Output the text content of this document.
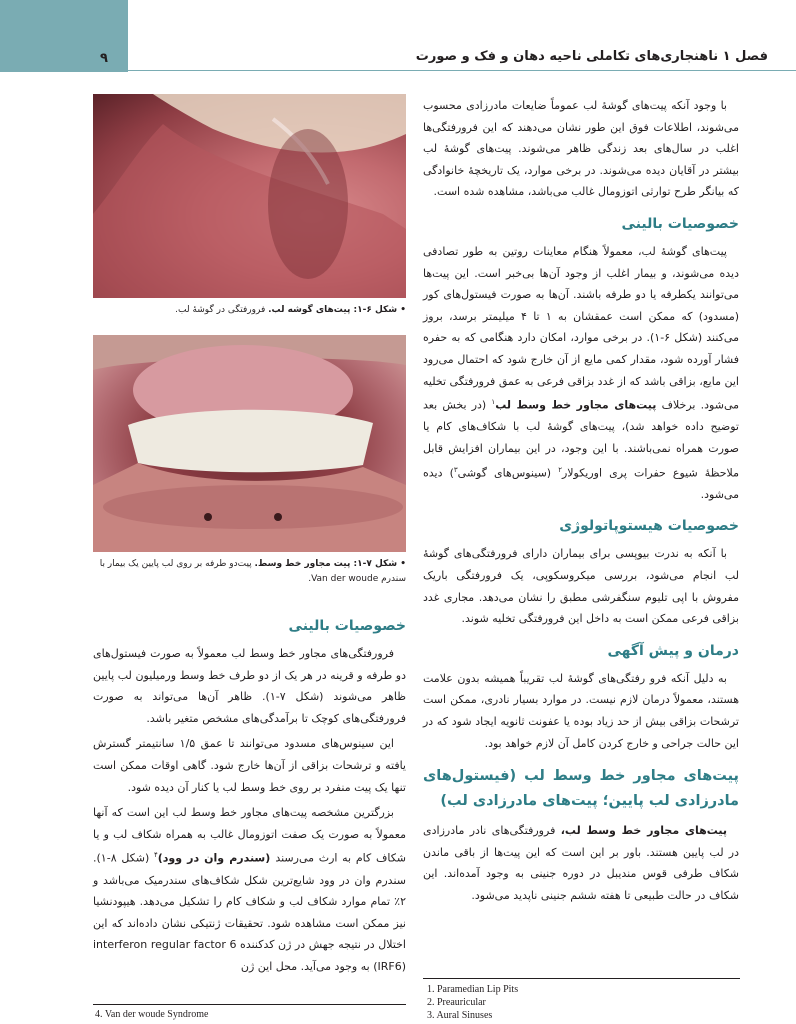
۹	فصل ۱ ناهنجاری‌های تکاملی ناحیه دهان و فک و صورت
• شکل ۶-۱: پیت‌های گوشه لب. فرورفتگی در گوشهٔ لب.
• شکل ۷-۱: پیت مجاور خط وسط. پیت‌دو طرفه بر روی لب پایین یک بیمار با سندرم Van der woude.

با وجود آنکه پیت‌های گوشهٔ لب عموماً ضایعات مادرزادی محسوب می‌شوند، اطلاعات فوق این طور نشان می‌دهند که این فرورفتگی‌ها اغلب در سال‌های بعد زندگی ظاهر می‌شوند. پیت‌های گوشهٔ لب بیشتر در آقایان دیده می‌شوند. در برخی موارد، یک تاریخچهٔ خانوادگی که بیانگر طرح توارثی اتوزومال غالب می‌باشد، مشاهده شده است.

خصوصیات بالینی

پیت‌های گوشهٔ لب، معمولاً هنگام معاینات روتین به طور تصادفی دیده می‌شوند، و بیمار اغلب از وجود آن‌ها بی‌خبر است. این پیت‌ها می‌توانند یکطرفه یا دو طرفه باشند. آن‌ها به صورت فیستول‌های کور (مسدود) که ممکن است عمقشان به ۱ تا ۴ میلیمتر برسد، بروز می‌کنند (شکل ۶-۱). در برخی موارد، امکان دارد هنگامی که به حفره فشار آورده شود، مقدار کمی مایع از آن خارج شود که احتمال می‌رود این مایع، بزاقی باشد که از غدد بزاقی فرعی به عمق فرورفتگی تخلیه می‌شود. برخلاف پیت‌های مجاور خط وسط لب$^۱$ (در بخش بعد توضیح داده خواهد شد)، پیت‌های گوشهٔ لب با شکاف‌های کام یا صورت همراه نمی‌باشند. با این وجود، در این بیماران افزایش قابل ملاحظهٔ شیوع حفرات پری اوریکولار$^۲$ (سینوس‌های گوشی$^۳$) دیده می‌شود.

خصوصیات هیستوپاتولوژی

با آنکه به ندرت بیوپسی برای بیماران دارای فرورفتگی‌های گوشهٔ لب انجام می‌شود، بررسی میکروسکوپی، یک فرورفتگی باریک مفروش با اپی تلیوم سنگفرشی مطبق را نشان می‌دهد. مجاری غدد بزاقی فرعی ممکن است به داخل این فرورفتگی تخلیه شوند.

درمان و پیش آگهی

به دلیل آنکه فرو رفتگی‌های گوشهٔ لب تقریباً همیشه بدون علامت هستند، معمولاً درمان لازم نیست. در موارد بسیار نادری، ممکن است ترشحات بزاقی بیش از حد زیاد بوده یا عفونت ثانویه ایجاد شود که در این حالت جراحی و خارج کردن کامل آن لازم خواهد بود.

پیت‌های مجاور خط وسط لب (فیستول‌های مادرزادی لب پایین؛ پیت‌های مادرزادی لب)

پیت‌های مجاور خط وسط لب، فرورفتگی‌های نادر مادرزادی در لب پایین هستند. باور بر این است که این پیت‌ها از باقی ماندن شکاف طرفی قوس مندیبل در دوره جنینی به وجود آمده‌اند. این شکاف در حالت طبیعی تا هفته ششم جنینی ناپدید می‌شود.

خصوصیات بالینی

فرورفتگی‌های مجاور خط وسط لب معمولاً به صورت فیستول‌های دو طرفه و قرینه در هر یک از دو طرف خط وسط ورمیلیون لب پایین ظاهر می‌شوند (شکل ۷-۱). ظاهر آن‌ها می‌تواند به صورت فرورفتگی‌های کوچک تا برآمدگی‌های مشخص متغیر باشد.

این سینوس‌های مسدود می‌توانند تا عمق ۱/۵ سانتیمتر گسترش یافته و ترشحات بزاقی از آن‌ها خارج شود. گاهی اوقات ممکن است تنها یک پیت منفرد بر روی خط وسط لب یا کنار آن دیده شود.

بزرگترین مشخصه پیت‌های مجاور خط وسط لب این است که آنها معمولاً به صورت یک صفت اتوزومال غالب به همراه شکاف لب و یا شکاف کام به ارث می‌رسند (سندرم وان در وود)$^۴$ (شکل ۸-۱). سندرم وان در وود شایع‌ترین شکل شکاف‌های سندرمیک می‌باشد و ۲٪ تمام موارد شکاف لب و شکاف کام را تشکیل می‌دهد. هیپودنشیا نیز ممکن است مشاهده شود. تحقیقات ژنتیکی نشان داده‌اند که این اختلال در نتیجه جهش در ژن کدکننده interferon regular factor 6 (IRF6) به وجود می‌آید. محل این ژن

1. Paramedian Lip Pits
2. Preauricular
3. Aural Sinuses
4. Van der woude Syndrome
